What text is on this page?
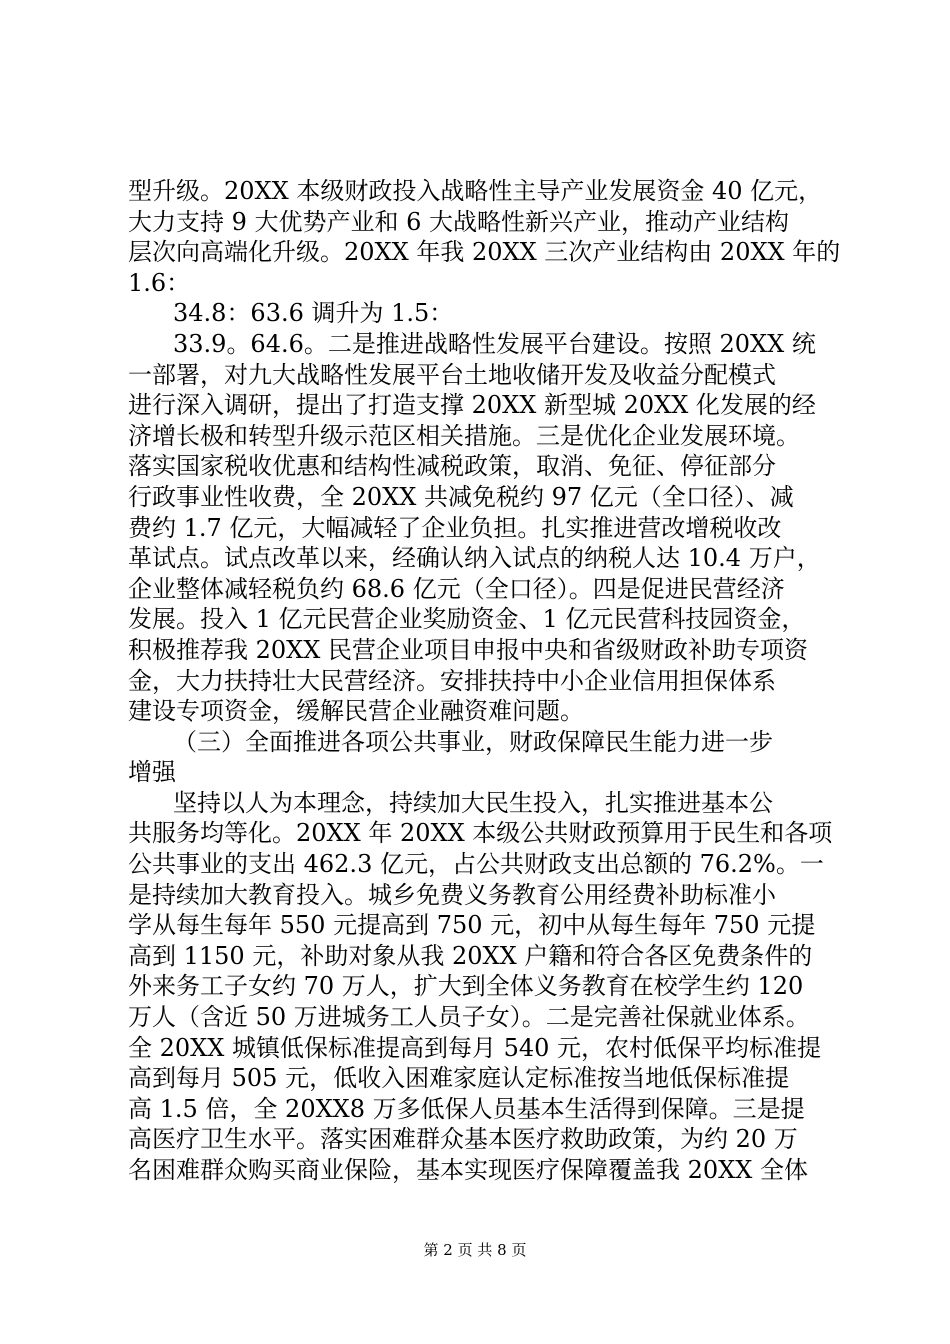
型升级。20XX 本级财政投入战略性主导产业发展资金 40 亿元，
大力支持 9 大优势产业和 6 大战略性新兴产业，推动产业结构
层次向高端化升级。20XX 年我 20XX 三次产业结构由 20XX 年的
1.6：
34.8：63.6 调升为 1.5：
33.9。64.6。二是推进战略性发展平台建设。按照 20XX 统
一部署，对九大战略性发展平台土地收储开发及收益分配模式
进行深入调研，提出了打造支撑 20XX 新型城 20XX 化发展的经
济增长极和转型升级示范区相关措施。三是优化企业发展环境。
落实国家税收优惠和结构性减税政策，取消、免征、停征部分
行政事业性收费，全 20XX 共减免税约 97 亿元（全口径）、减
费约 1.7 亿元，大幅减轻了企业负担。扎实推进营改增税收改
革试点。试点改革以来，经确认纳入试点的纳税人达 10.4 万户，
企业整体减轻税负约 68.6 亿元（全口径）。四是促进民营经济
发展。投入 1 亿元民营企业奖励资金、1 亿元民营科技园资金，
积极推荐我 20XX 民营企业项目申报中央和省级财政补助专项资
金，大力扶持壮大民营经济。安排扶持中小企业信用担保体系
建设专项资金，缓解民营企业融资难问题。
（三）全面推进各项公共事业，财政保障民生能力进一步
增强
坚持以人为本理念，持续加大民生投入，扎实推进基本公
共服务均等化。20XX 年 20XX 本级公共财政预算用于民生和各项
公共事业的支出 462.3 亿元，占公共财政支出总额的 76.2%。一
是持续加大教育投入。城乡免费义务教育公用经费补助标准小
学从每生每年 550 元提高到 750 元，初中从每生每年 750 元提
高到 1150 元，补助对象从我 20XX 户籍和符合各区免费条件的
外来务工子女约 70 万人，扩大到全体义务教育在校学生约 120
万人（含近 50 万进城务工人员子女）。二是完善社保就业体系。
全 20XX 城镇低保标准提高到每月 540 元，农村低保平均标准提
高到每月 505 元，低收入困难家庭认定标准按当地低保标准提
高 1.5 倍，全 20XX8 万多低保人员基本生活得到保障。三是提
高医疗卫生水平。落实困难群众基本医疗救助政策，为约 20 万
名困难群众购买商业保险，基本实现医疗保障覆盖我 20XX 全体
第 2 页 共 8 页
